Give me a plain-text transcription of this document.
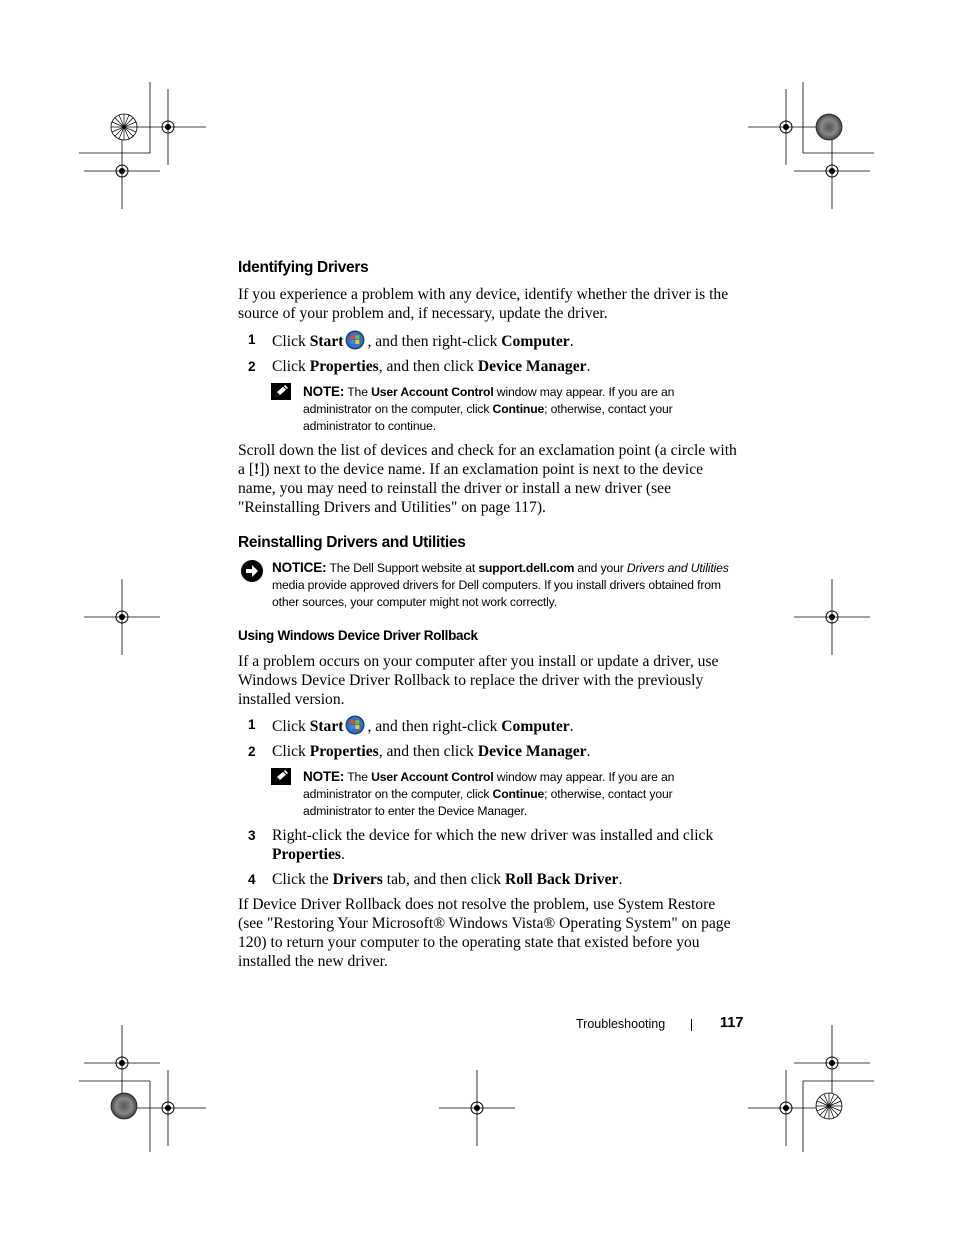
Identifying Drivers

If you experience a problem with any device, identify whether the driver is the source of your problem and, if necessary, update the driver.

1 Click Start , and then right-click Computer.
2 Click Properties, and then click Device Manager.
NOTE: The User Account Control window may appear. If you are an administrator on the computer, click Continue; otherwise, contact your administrator to continue.

Scroll down the list of devices and check for an exclamation point (a circle with a [!]) next to the device name. If an exclamation point is next to the device name, you may need to reinstall the driver or install a new driver (see "Reinstalling Drivers and Utilities" on page 117).

Reinstalling Drivers and Utilities
NOTICE: The Dell Support website at support.dell.com and your Drivers and Utilities media provide approved drivers for Dell computers. If you install drivers obtained from other sources, your computer might not work correctly.
Using Windows Device Driver Rollback

If a problem occurs on your computer after you install or update a driver, use Windows Device Driver Rollback to replace the driver with the previously installed version.

1 Click Start , and then right-click Computer.
2 Click Properties, and then click Device Manager.
NOTE: The User Account Control window may appear. If you are an administrator on the computer, click Continue; otherwise, contact your administrator to enter the Device Manager.
3 Right-click the device for which the new driver was installed and click Properties.
4 Click the Drivers tab, and then click Roll Back Driver.

If Device Driver Rollback does not resolve the problem, use System Restore (see "Restoring Your Microsoft® Windows Vista® Operating System" on page 120) to return your computer to the operating state that existed before you installed the new driver.

Troubleshooting	117
